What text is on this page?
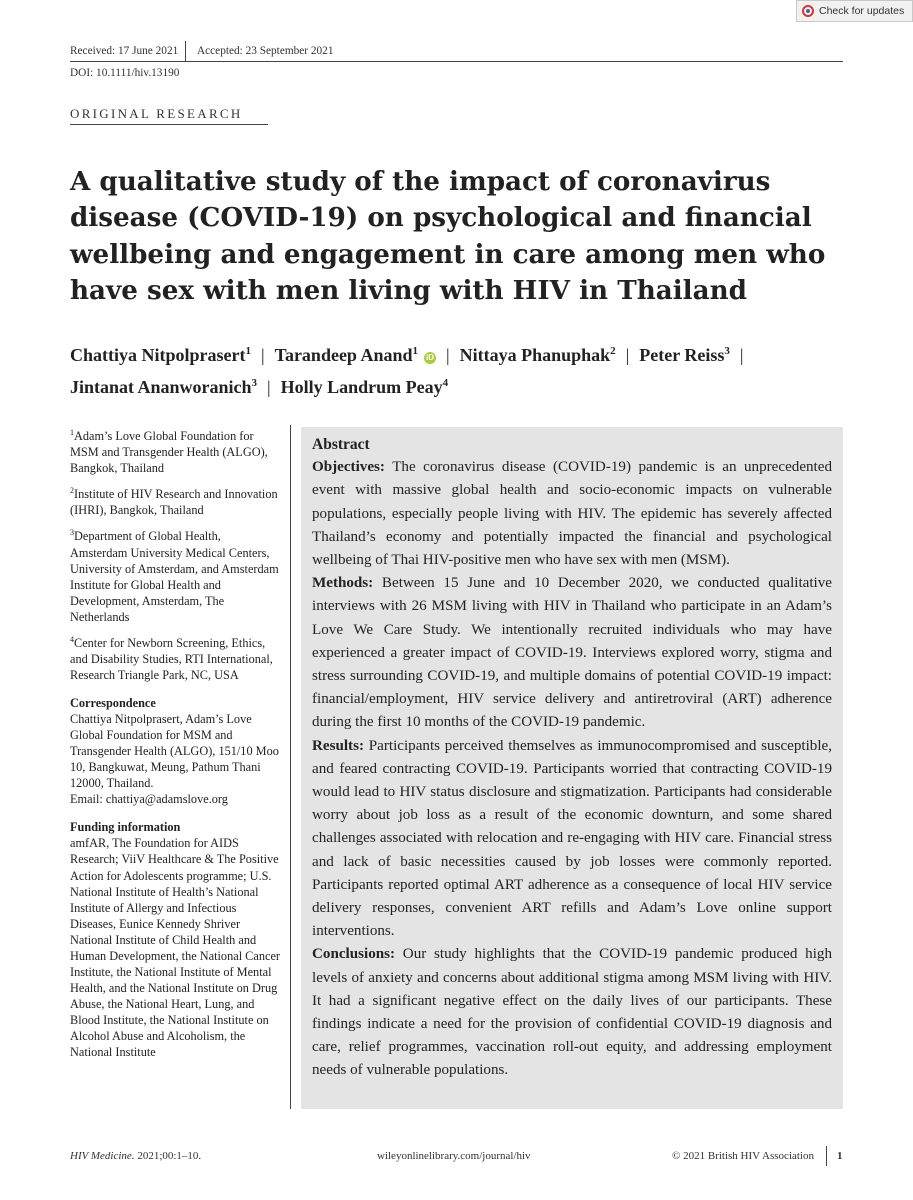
Check for updates
Received: 17 June 2021 Accepted: 23 September 2021
DOI: 10.1111/hiv.13190
ORIGINAL RESEARCH
A qualitative study of the impact of coronavirus disease (COVID-19) on psychological and financial wellbeing and engagement in care among men who have sex with men living with HIV in Thailand
Chattiya Nitpolprasert$^1$ | Tarandeep Anand$^1$iD | Nittaya Phanuphak$^2$ | Peter Reiss$^3$ |
Jintanat Ananworanich$^3$ | Holly Landrum Peay$^4$

$^1$Adam’s Love Global Foundation for MSM and Transgender Health (ALGO), Bangkok, Thailand

$^2$Institute of HIV Research and Innovation (IHRI), Bangkok, Thailand

$^3$Department of Global Health, Amsterdam University Medical Centers, University of Amsterdam, and Amsterdam Institute for Global Health and Development, Amsterdam, The Netherlands

$^4$Center for Newborn Screening, Ethics, and Disability Studies, RTI International, Research Triangle Park, NC, USA

Correspondence

Chattiya Nitpolprasert, Adam’s Love Global Foundation for MSM and Transgender Health (ALGO), 151/10 Moo 10, Bangkuwat, Meung, Pathum Thani 12000, Thailand.

Email: chattiya@adamslove.org

Funding information

amfAR, The Foundation for AIDS Research; ViiV Healthcare & The Positive Action for Adolescents programme; U.S. National Institute of Health’s National Institute of Allergy and Infectious Diseases, Eunice Kennedy Shriver National Institute of Child Health and Human Development, the National Cancer Institute, the National Institute of Mental Health, and the National Institute on Drug Abuse, the National Heart, Lung, and Blood Institute, the National Institute on Alcohol Abuse and Alcoholism, the National Institute

Abstract

Objectives: The coronavirus disease (COVID-19) pandemic is an unprecedented event with massive global health and socio-economic impacts on vulnerable populations, especially people living with HIV. The epidemic has severely affected Thailand’s economy and potentially impacted the financial and psychological wellbeing of Thai HIV-positive men who have sex with men (MSM).

Methods: Between 15 June and 10 December 2020, we conducted qualitative interviews with 26 MSM living with HIV in Thailand who participate in an Adam’s Love We Care Study. We intentionally recruited individuals who may have experienced a greater impact of COVID-19. Interviews explored worry, stigma and stress surrounding COVID-19, and multiple domains of potential COVID-19 impact: financial/employment, HIV service delivery and antiretroviral (ART) adherence during the first 10 months of the COVID-19 pandemic.

Results: Participants perceived themselves as immunocompromised and susceptible, and feared contracting COVID-19. Participants worried that contracting COVID-19 would lead to HIV status disclosure and stigmatization. Participants had considerable worry about job loss as a result of the economic downturn, and some shared challenges associated with relocation and re-engaging with HIV care. Financial stress and lack of basic necessities caused by job losses were commonly reported. Participants reported optimal ART adherence as a consequence of local HIV service delivery responses, convenient ART refills and Adam’s Love online support interventions.

Conclusions: Our study highlights that the COVID-19 pandemic produced high levels of anxiety and concerns about additional stigma among MSM living with HIV. It had a significant negative effect on the daily lives of our participants. These findings indicate a need for the provision of confidential COVID-19 diagnosis and care, relief programmes, vaccination roll-out equity, and addressing employment needs of vulnerable populations.

HIV Medicine. 2021;00:1–10.	wileyonlinelibrary.com/journal/hiv	© 2021 British HIV Association 1
